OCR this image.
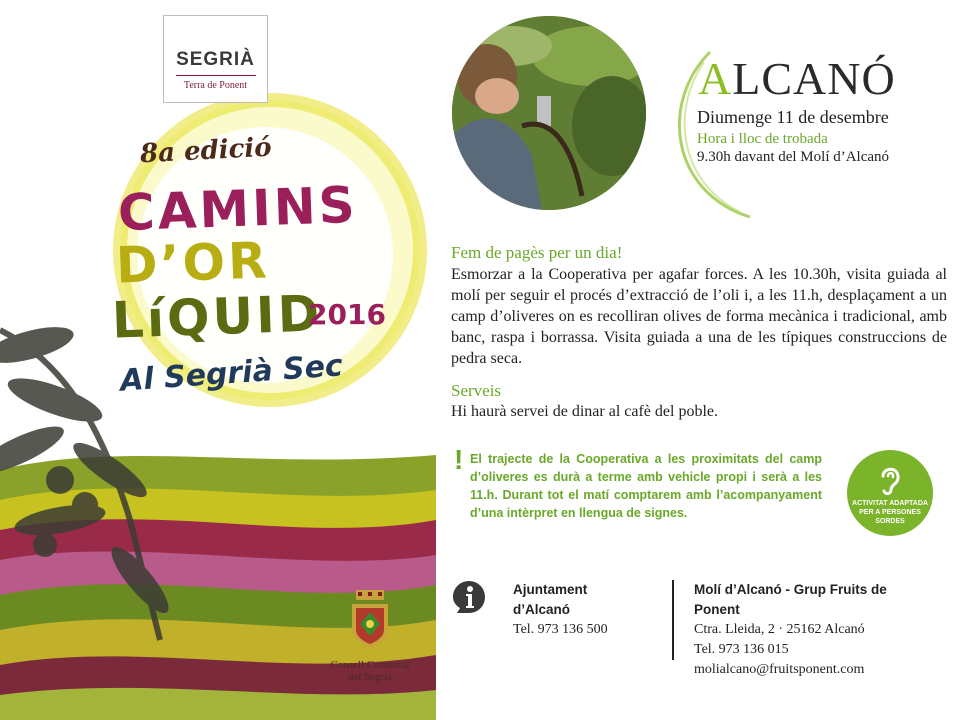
SEGRIÀ
Terra de Ponent
8a edició
CAMINS
D’OR
LíQUID
2016
Al Segrià Sec
Consell Comarcal
del Segrià
ALCANÓ
Diumenge 11 de desembre
Hora i lloc de trobada
9.30h davant del Molí d’Alcanó
Fem de pagès per un dia!
Esmorzar a la Cooperativa per agafar forces. A les 10.30h, visita guiada al molí per seguir el procés d’extracció de l’oli i, a les 11.h, desplaçament a un camp d’oliveres on es recolliran olives de forma mecànica i tradicional, amb banc, raspa i borrassa. Visita guiada a una de les típiques construccions de pedra seca.
Serveis
Hi haurà servei de dinar al cafè del poble.
! El trajecte de la Cooperativa a les proximitats del camp d’oliveres es durà a terme amb vehicle propi i serà a les 11.h. Durant tot el matí comptarem amb l’acompanyament d’una intèrpret en llengua de signes.
ACTIVITAT ADAPTADA
PER A PERSONES
SORDES
Ajuntament
d’Alcanó
Tel. 973 136 500
Molí d’Alcanó - Grup Fruits de
Ponent
Ctra. Lleida, 2 · 25162 Alcanó
Tel. 973 136 015
molialcano@fruitsponent.com
